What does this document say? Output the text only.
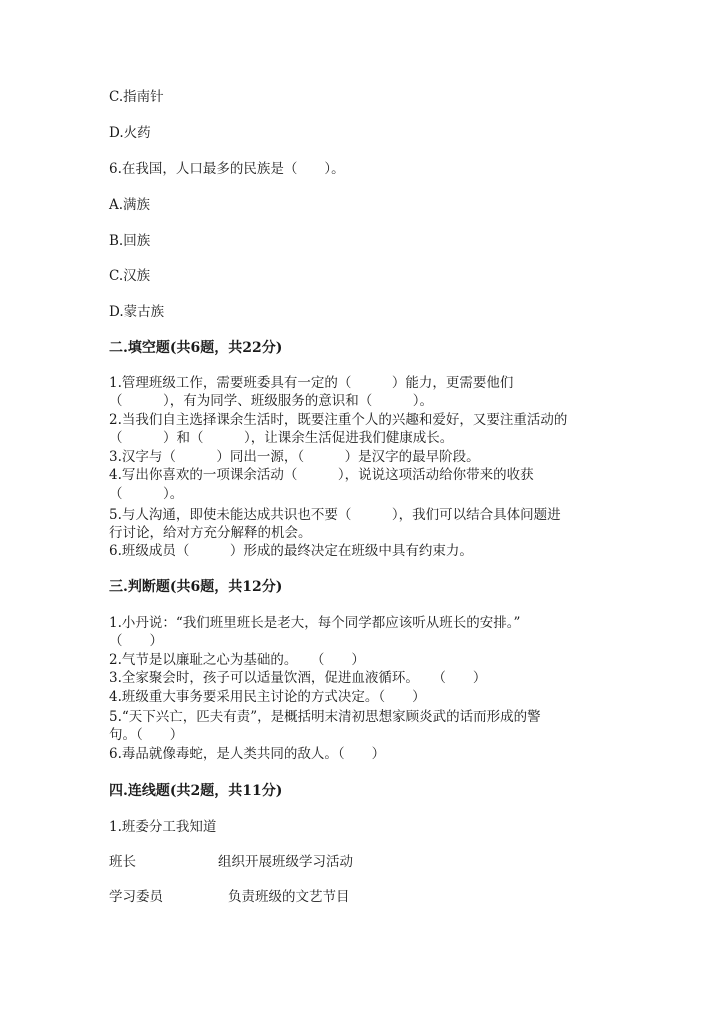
C.指南针
D.火药
6.在我国，人口最多的民族是（　　）。
A.满族
B.回族
C.汉族
D.蒙古族
二.填空题(共6题，共22分)
1.管理班级工作，需要班委具有一定的（　　　）能力，更需要他们
（　　　），有为同学、班级服务的意识和（　　　）。
2.当我们自主选择课余生活时，既要注重个人的兴趣和爱好，又要注重活动的
（　　　）和（　　　），让课余生活促进我们健康成长。
3.汉字与（　　　）同出一源，（　　　）是汉字的最早阶段。
4.写出你喜欢的一项课余活动（　　　），说说这项活动给你带来的收获
（　　　）。
5.与人沟通，即使未能达成共识也不要（　　　），我们可以结合具体问题进
行讨论，给对方充分解释的机会。
6.班级成员（　　　）形成的最终决定在班级中具有约束力。
三.判断题(共6题，共12分)
1.小丹说：“我们班里班长是老大，每个同学都应该听从班长的安排。”
（　　）
2.气节是以廉耻之心为基础的。　　（　　）
3.全家聚会时，孩子可以适量饮酒，促进血液循环。　　（　　）
4.班级重大事务要采用民主讨论的方式决定。（　　）
5.“天下兴亡，匹夫有责”，是概括明末清初思想家顾炎武的话而形成的警
句。（　　）
6.毒品就像毒蛇，是人类共同的敌人。（　　）
四.连线题(共2题，共11分)
1.班委分工我知道
班长	组织开展班级学习活动
学习委员	负责班级的文艺节目
